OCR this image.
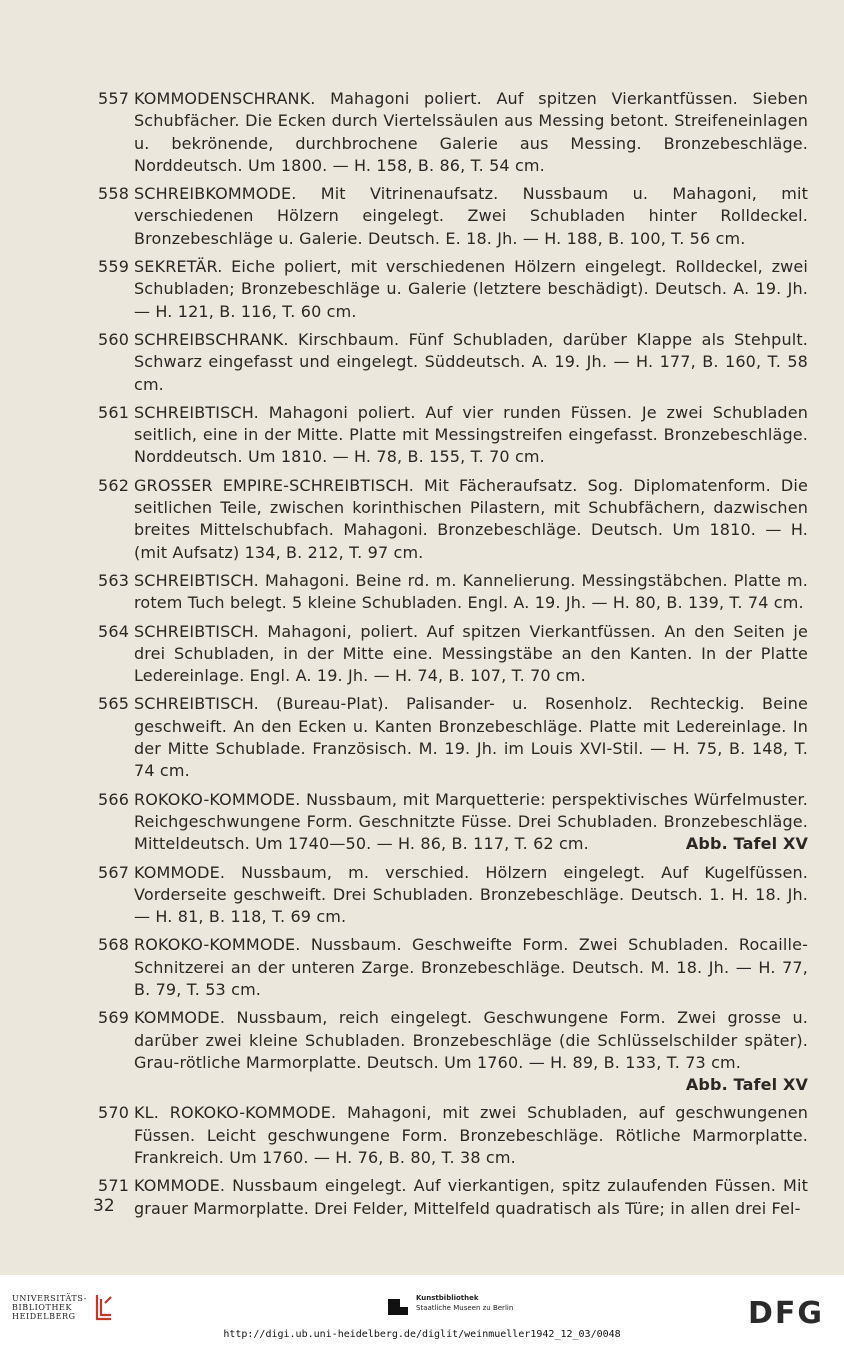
557 KOMMODENSCHRANK. Mahagoni poliert. Auf spitzen Vierkantfüssen. Sieben Schubfächer. Die Ecken durch Viertelssäulen aus Messing betont. Streifeneinlagen u. bekrönende, durchbrochene Galerie aus Messing. Bronzebeschläge. Norddeutsch. Um 1800. — H. 158, B. 86, T. 54 cm.
558 SCHREIBKOMMODE. Mit Vitrinenaufsatz. Nussbaum u. Mahagoni, mit verschiedenen Hölzern eingelegt. Zwei Schubladen hinter Rolldeckel. Bronzebeschläge u. Galerie. Deutsch. E. 18. Jh. — H. 188, B. 100, T. 56 cm.
559 SEKRETÄR. Eiche poliert, mit verschiedenen Hölzern eingelegt. Rolldeckel, zwei Schubladen; Bronzebeschläge u. Galerie (letztere beschädigt). Deutsch. A. 19. Jh. — H. 121, B. 116, T. 60 cm.
560 SCHREIBSCHRANK. Kirschbaum. Fünf Schubladen, darüber Klappe als Stehpult. Schwarz eingefasst und eingelegt. Süddeutsch. A. 19. Jh. — H. 177, B. 160, T. 58 cm.
561 SCHREIBTISCH. Mahagoni poliert. Auf vier runden Füssen. Je zwei Schubladen seitlich, eine in der Mitte. Platte mit Messingstreifen eingefasst. Bronzebeschläge. Norddeutsch. Um 1810. — H. 78, B. 155, T. 70 cm.
562 GROSSER EMPIRE-SCHREIBTISCH. Mit Fächeraufsatz. Sog. Diplomatenform. Die seitlichen Teile, zwischen korinthischen Pilastern, mit Schubfächern, dazwischen breites Mittelschubfach. Mahagoni. Bronzebeschläge. Deutsch. Um 1810. — H. (mit Aufsatz) 134, B. 212, T. 97 cm.
563 SCHREIBTISCH. Mahagoni. Beine rd. m. Kannelierung. Messingstäbchen. Platte m. rotem Tuch belegt. 5 kleine Schubladen. Engl. A. 19. Jh. — H. 80, B. 139, T. 74 cm.
564 SCHREIBTISCH. Mahagoni, poliert. Auf spitzen Vierkantfüssen. An den Seiten je drei Schubladen, in der Mitte eine. Messingstäbe an den Kanten. In der Platte Ledereinlage. Engl. A. 19. Jh. — H. 74, B. 107, T. 70 cm.
565 SCHREIBTISCH. (Bureau-Plat). Palisander- u. Rosenholz. Rechteckig. Beine geschweift. An den Ecken u. Kanten Bronzebeschläge. Platte mit Ledereinlage. In der Mitte Schublade. Französisch. M. 19. Jh. im Louis XVI-Stil. — H. 75, B. 148, T. 74 cm.
566 ROKOKO-KOMMODE. Nussbaum, mit Marquetterie: perspektivisches Würfelmuster. Reichgeschwungene Form. Geschnitzte Füsse. Drei Schubladen. Bronzebeschläge. Mitteldeutsch. Um 1740—50. — H. 86, B. 117, T. 62 cm.	Abb. Tafel XV
567 KOMMODE. Nussbaum, m. verschied. Hölzern eingelegt. Auf Kugelfüssen. Vorderseite geschweift. Drei Schubladen. Bronzebeschläge. Deutsch. 1. H. 18. Jh. — H. 81, B. 118, T. 69 cm.
568 ROKOKO-KOMMODE. Nussbaum. Geschweifte Form. Zwei Schubladen. Rocaille-Schnitzerei an der unteren Zarge. Bronzebeschläge. Deutsch. M. 18. Jh. — H. 77, B. 79, T. 53 cm.
569 KOMMODE. Nussbaum, reich eingelegt. Geschwungene Form. Zwei grosse u. darüber zwei kleine Schubladen. Bronzebeschläge (die Schlüsselschilder später). Grau-rötliche Marmorplatte. Deutsch. Um 1760. — H. 89, B. 133, T. 73 cm.
Abb. Tafel XV
570 KL. ROKOKO-KOMMODE. Mahagoni, mit zwei Schubladen, auf geschwungenen Füssen. Leicht geschwungene Form. Bronzebeschläge. Rötliche Marmorplatte. Frankreich. Um 1760. — H. 76, B. 80, T. 38 cm.
571 KOMMODE. Nussbaum eingelegt. Auf vierkantigen, spitz zulaufenden Füssen. Mit grauer Marmorplatte. Drei Felder, Mittelfeld quadratisch als Türe; in allen drei Fel-
32
UNIVERSITÄTS-
BIBLIOTHEK
HEIDELBERG
Kunstbibliothek
Staatliche Museen zu Berlin	DFG
http://digi.ub.uni-heidelberg.de/diglit/weinmueller1942_12_03/0048
